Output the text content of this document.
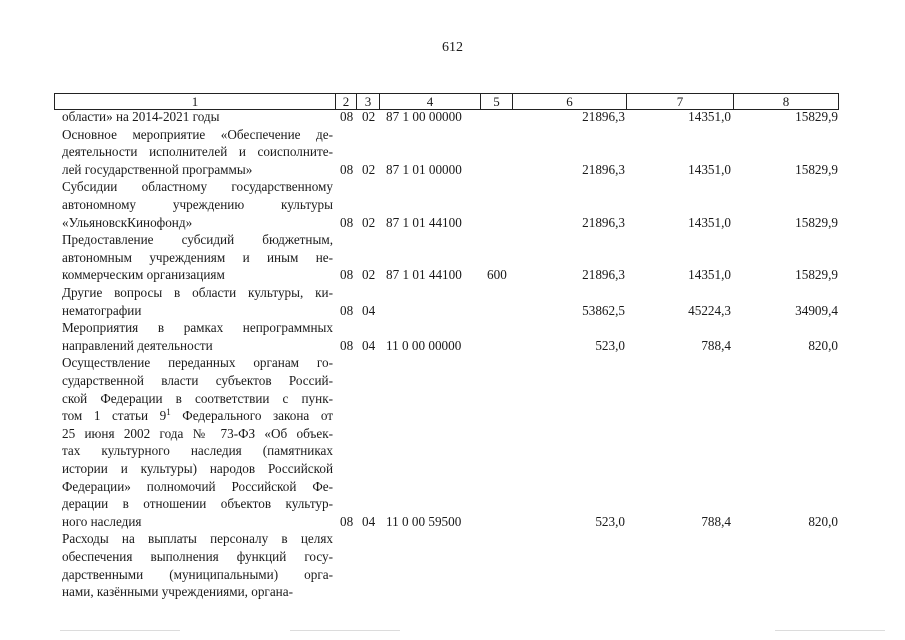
612
1	2	3	4	5	6	7	8
области» на 2014-2021 годы	08 02 87 1 00 00000	21896,3	14351,0	15829,9
Основное мероприятие «Обеспечение де-
деятельности исполнителей и соисполните-
лей государственной программы»	08 02 87 1 01 00000	21896,3	14351,0	15829,9
Субсидии областному государственному
автономному учреждению культуры
«УльяновскКинофонд»	08 02 87 1 01 44100	21896,3	14351,0	15829,9
Предоставление субсидий бюджетным,
автономным учреждениям и иным не-
коммерческим организациям	08 02 87 1 01 44100 600	21896,3	14351,0	15829,9
Другие вопросы в области культуры, ки-
нематографии	08 04	53862,5	45224,3	34909,4
Мероприятия в рамках непрограммных
направлений деятельности	08 04 11 0 00 00000	523,0	788,4	820,0
Осуществление переданных органам го-
сударственной власти субъектов Россий-
ской Федерации в соответствии с пунк-
том 1 статьи $9^1$ Федерального закона от
25 июня 2002 года № 73-ФЗ «Об объек-
тах культурного наследия (памятниках
истории и культуры) народов Российской
Федерации» полномочий Российской Фе-
дерации в отношении объектов культур-
ного наследия	08 04 11 0 00 59500	523,0	788,4	820,0
Расходы на выплаты персоналу в целях
обеспечения выполнения функций госу-
дарственными (муниципальными) орга-
нами, казёнными учреждениями, органа-
